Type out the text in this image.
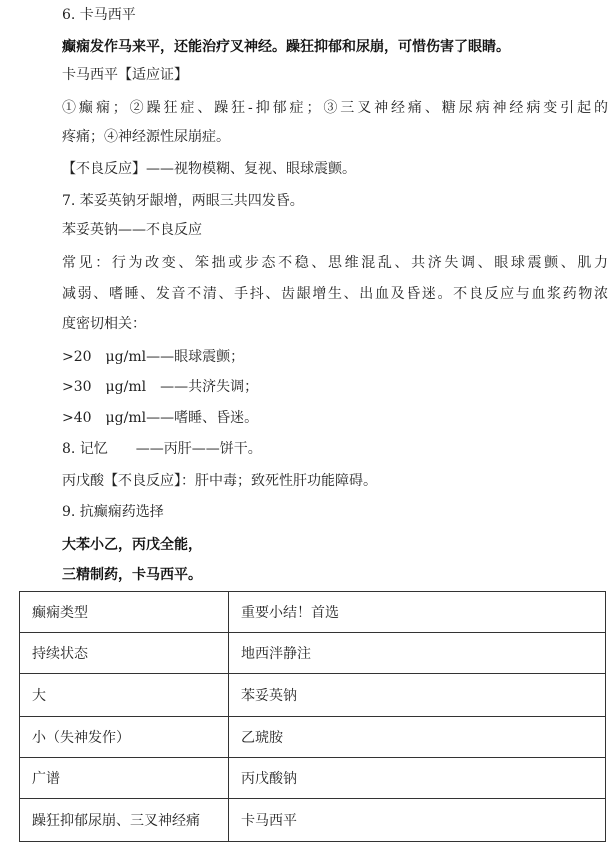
6. 卡马西平
癫痫发作马来平，还能治疗叉神经。躁狂抑郁和尿崩，可惜伤害了眼睛。
卡马西平【适应证】
①癫痫；②躁狂症、躁狂-抑郁症；③三叉神经痛、糖尿病神经病变引起的
疼痛；④神经源性尿崩症。
【不良反应】——视物模糊、复视、眼球震颤。
7. 苯妥英钠牙龈增，两眼三共四发昏。
苯妥英钠——不良反应
常见：行为改变、笨拙或步态不稳、思维混乱、共济失调、眼球震颤、肌力
减弱、嗜睡、发音不清、手抖、齿龈增生、出血及昏迷。不良反应与血浆药物浓
度密切相关：
>20　μg/ml——眼球震颤；
>30　μg/ml　——共济失调；
>40　μg/ml——嗜睡、昏迷。
8. 记忆　　——丙肝——饼干。
丙戊酸【不良反应】：肝中毒；致死性肝功能障碍。
9. 抗癫痫药选择
大苯小乙，丙戊全能，
三精制药，卡马西平。
癫痫类型	重要小结！首选
持续状态	地西泮静注
大	苯妥英钠
小（失神发作）	乙琥胺
广谱	丙戊酸钠
躁狂抑郁尿崩、三叉神经痛	卡马西平
